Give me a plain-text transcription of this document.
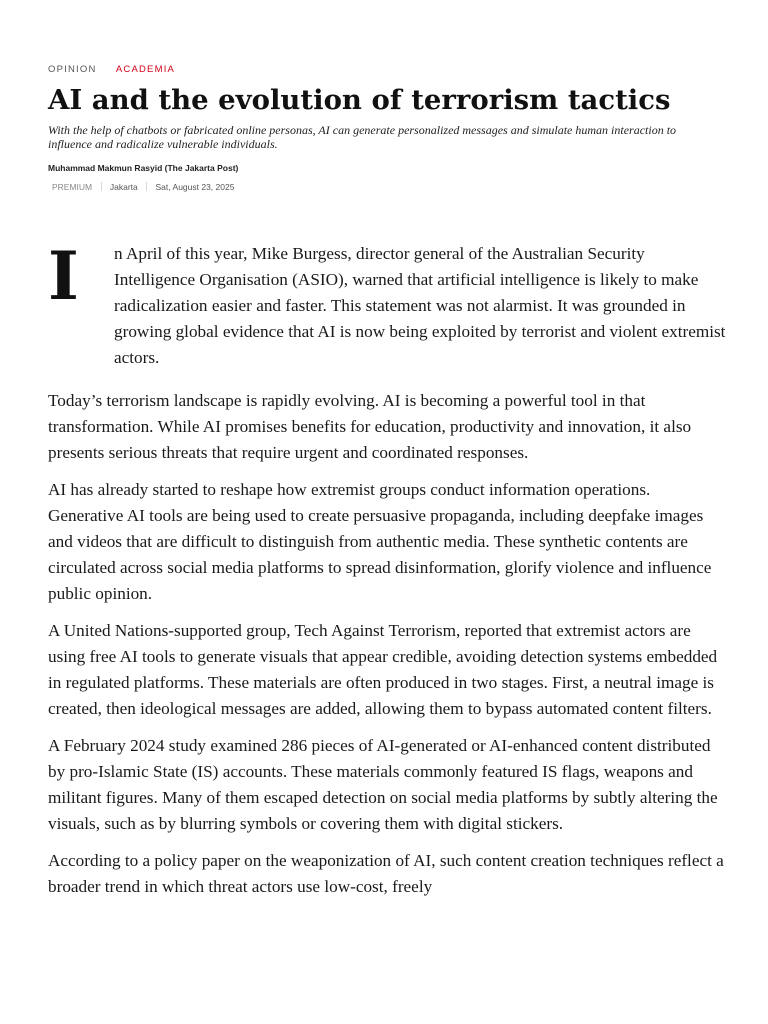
OPINION ACADEMIA
AI and the evolution of terrorism tactics

With the help of chatbots or fabricated online personas, AI can generate personalized messages and simulate human interaction to influence and radicalize vulnerable individuals.

Muhammad Makmun Rasyid (The Jakarta Post)
PREMIUM Jakarta Sat, August 23, 2025
I n April of this year, Mike Burgess, director general of the Australian Security Intelligence Organisation (ASIO), warned that artificial intelligence is likely to make radicalization easier and faster. This statement was not alarmist. It was grounded in growing global evidence that AI is now being exploited by terrorist and violent extremist actors.

Today’s terrorism landscape is rapidly evolving. AI is becoming a powerful tool in that transformation. While AI promises benefits for education, productivity and innovation, it also presents serious threats that require urgent and coordinated responses.

AI has already started to reshape how extremist groups conduct information operations. Generative AI tools are being used to create persuasive propaganda, including deepfake images and videos that are difficult to distinguish from authentic media. These synthetic contents are circulated across social media platforms to spread disinformation, glorify violence and influence public opinion.

A United Nations-supported group, Tech Against Terrorism, reported that extremist actors are using free AI tools to generate visuals that appear credible, avoiding detection systems embedded in regulated platforms. These materials are often produced in two stages. First, a neutral image is created, then ideological messages are added, allowing them to bypass automated content filters.

A February 2024 study examined 286 pieces of AI-generated or AI-enhanced content distributed by pro-Islamic State (IS) accounts. These materials commonly featured IS flags, weapons and militant figures. Many of them escaped detection on social media platforms by subtly altering the visuals, such as by blurring symbols or covering them with digital stickers.

According to a policy paper on the weaponization of AI, such content creation techniques reflect a broader trend in which threat actors use low-cost, freely
